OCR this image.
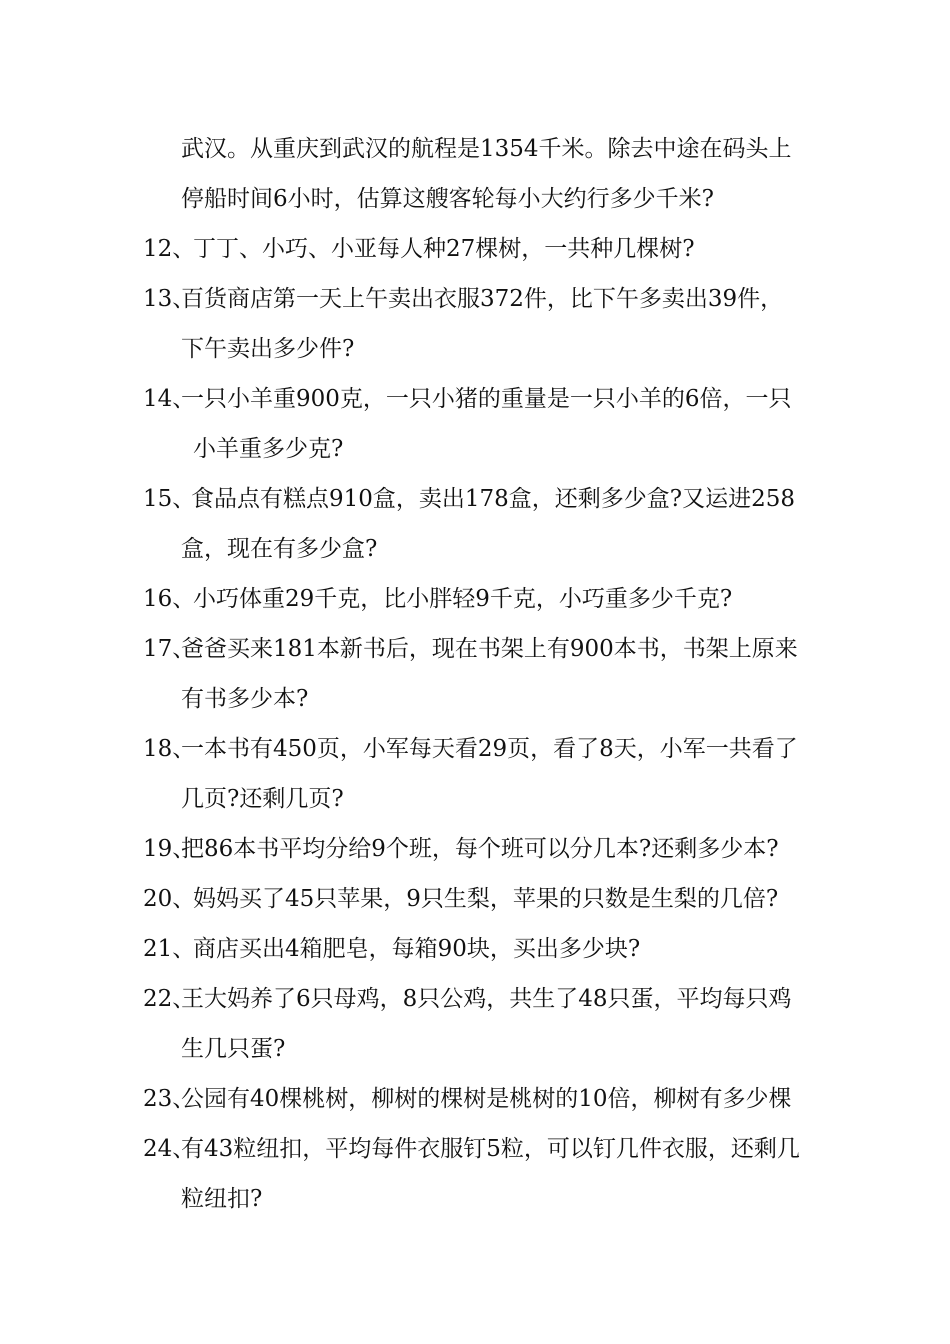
武汉。从重庆到武汉的航程是1354千米。除去中途在码头上
停船时间6小时，估算这艘客轮每小大约行多少千米?
12、
丁丁、小巧、小亚每人种27棵树，一共种几棵树?
13、
百货商店第一天上午卖出衣服372件，比下午多卖出39件，
下午卖出多少件?
14、
一只小羊重900克，一只小猪的重量是一只小羊的6倍，一只
小羊重多少克?
15、
食品点有糕点910盒，卖出178盒，还剩多少盒?又运进258
盒，现在有多少盒?
16、
小巧体重29千克，比小胖轻9千克，小巧重多少千克?
17、
爸爸买来181本新书后，现在书架上有900本书，书架上原来
有书多少本?
18、
一本书有450页，小军每天看29页，看了8天，小军一共看了
几页?还剩几页?
19、
把86本书平均分给9个班，每个班可以分几本?还剩多少本?
20、
妈妈买了45只苹果，9只生梨，苹果的只数是生梨的几倍?
21、
商店买出4箱肥皂，每箱90块，买出多少块?
22、
王大妈养了6只母鸡，8只公鸡，共生了48只蛋，平均每只鸡
生几只蛋?
23、
公园有40棵桃树，柳树的棵树是桃树的10倍，柳树有多少棵
24、
有43粒纽扣，平均每件衣服钉5粒，可以钉几件衣服，还剩几
粒纽扣?
